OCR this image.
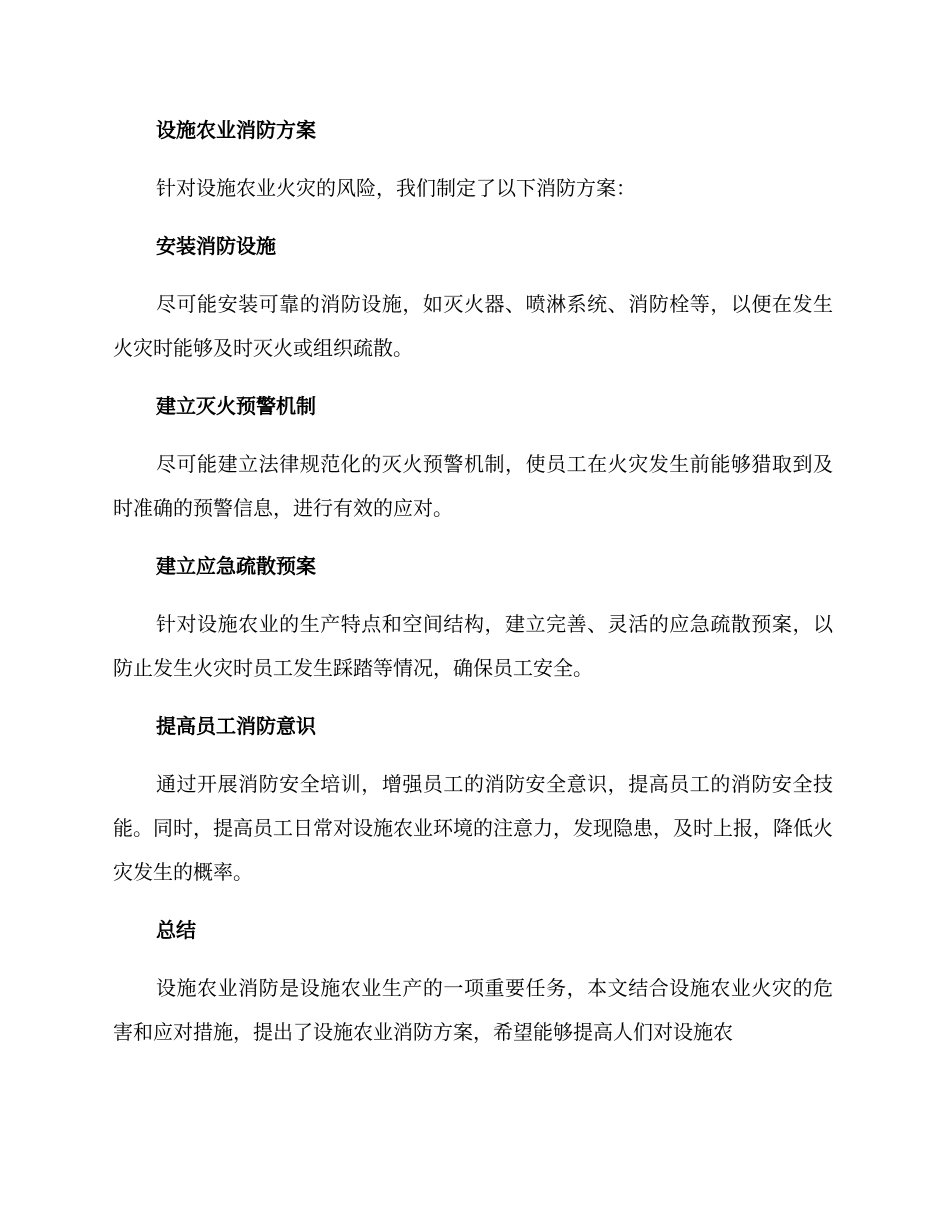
设施农业消防方案

针对设施农业火灾的风险，我们制定了以下消防方案：

安装消防设施

尽可能安装可靠的消防设施，如灭火器、喷淋系统、消防栓等，以便在发生火灾时能够及时灭火或组织疏散。

建立灭火预警机制

尽可能建立法律规范化的灭火预警机制，使员工在火灾发生前能够猎取到及时准确的预警信息，进行有效的应对。

建立应急疏散预案

针对设施农业的生产特点和空间结构，建立完善、灵活的应急疏散预案，以防止发生火灾时员工发生踩踏等情况，确保员工安全。

提高员工消防意识

通过开展消防安全培训，增强员工的消防安全意识，提高员工的消防安全技能。同时，提高员工日常对设施农业环境的注意力，发现隐患，及时上报，降低火灾发生的概率。

总结

设施农业消防是设施农业生产的一项重要任务，本文结合设施农业火灾的危害和应对措施，提出了设施农业消防方案，希望能够提高人们对设施农
